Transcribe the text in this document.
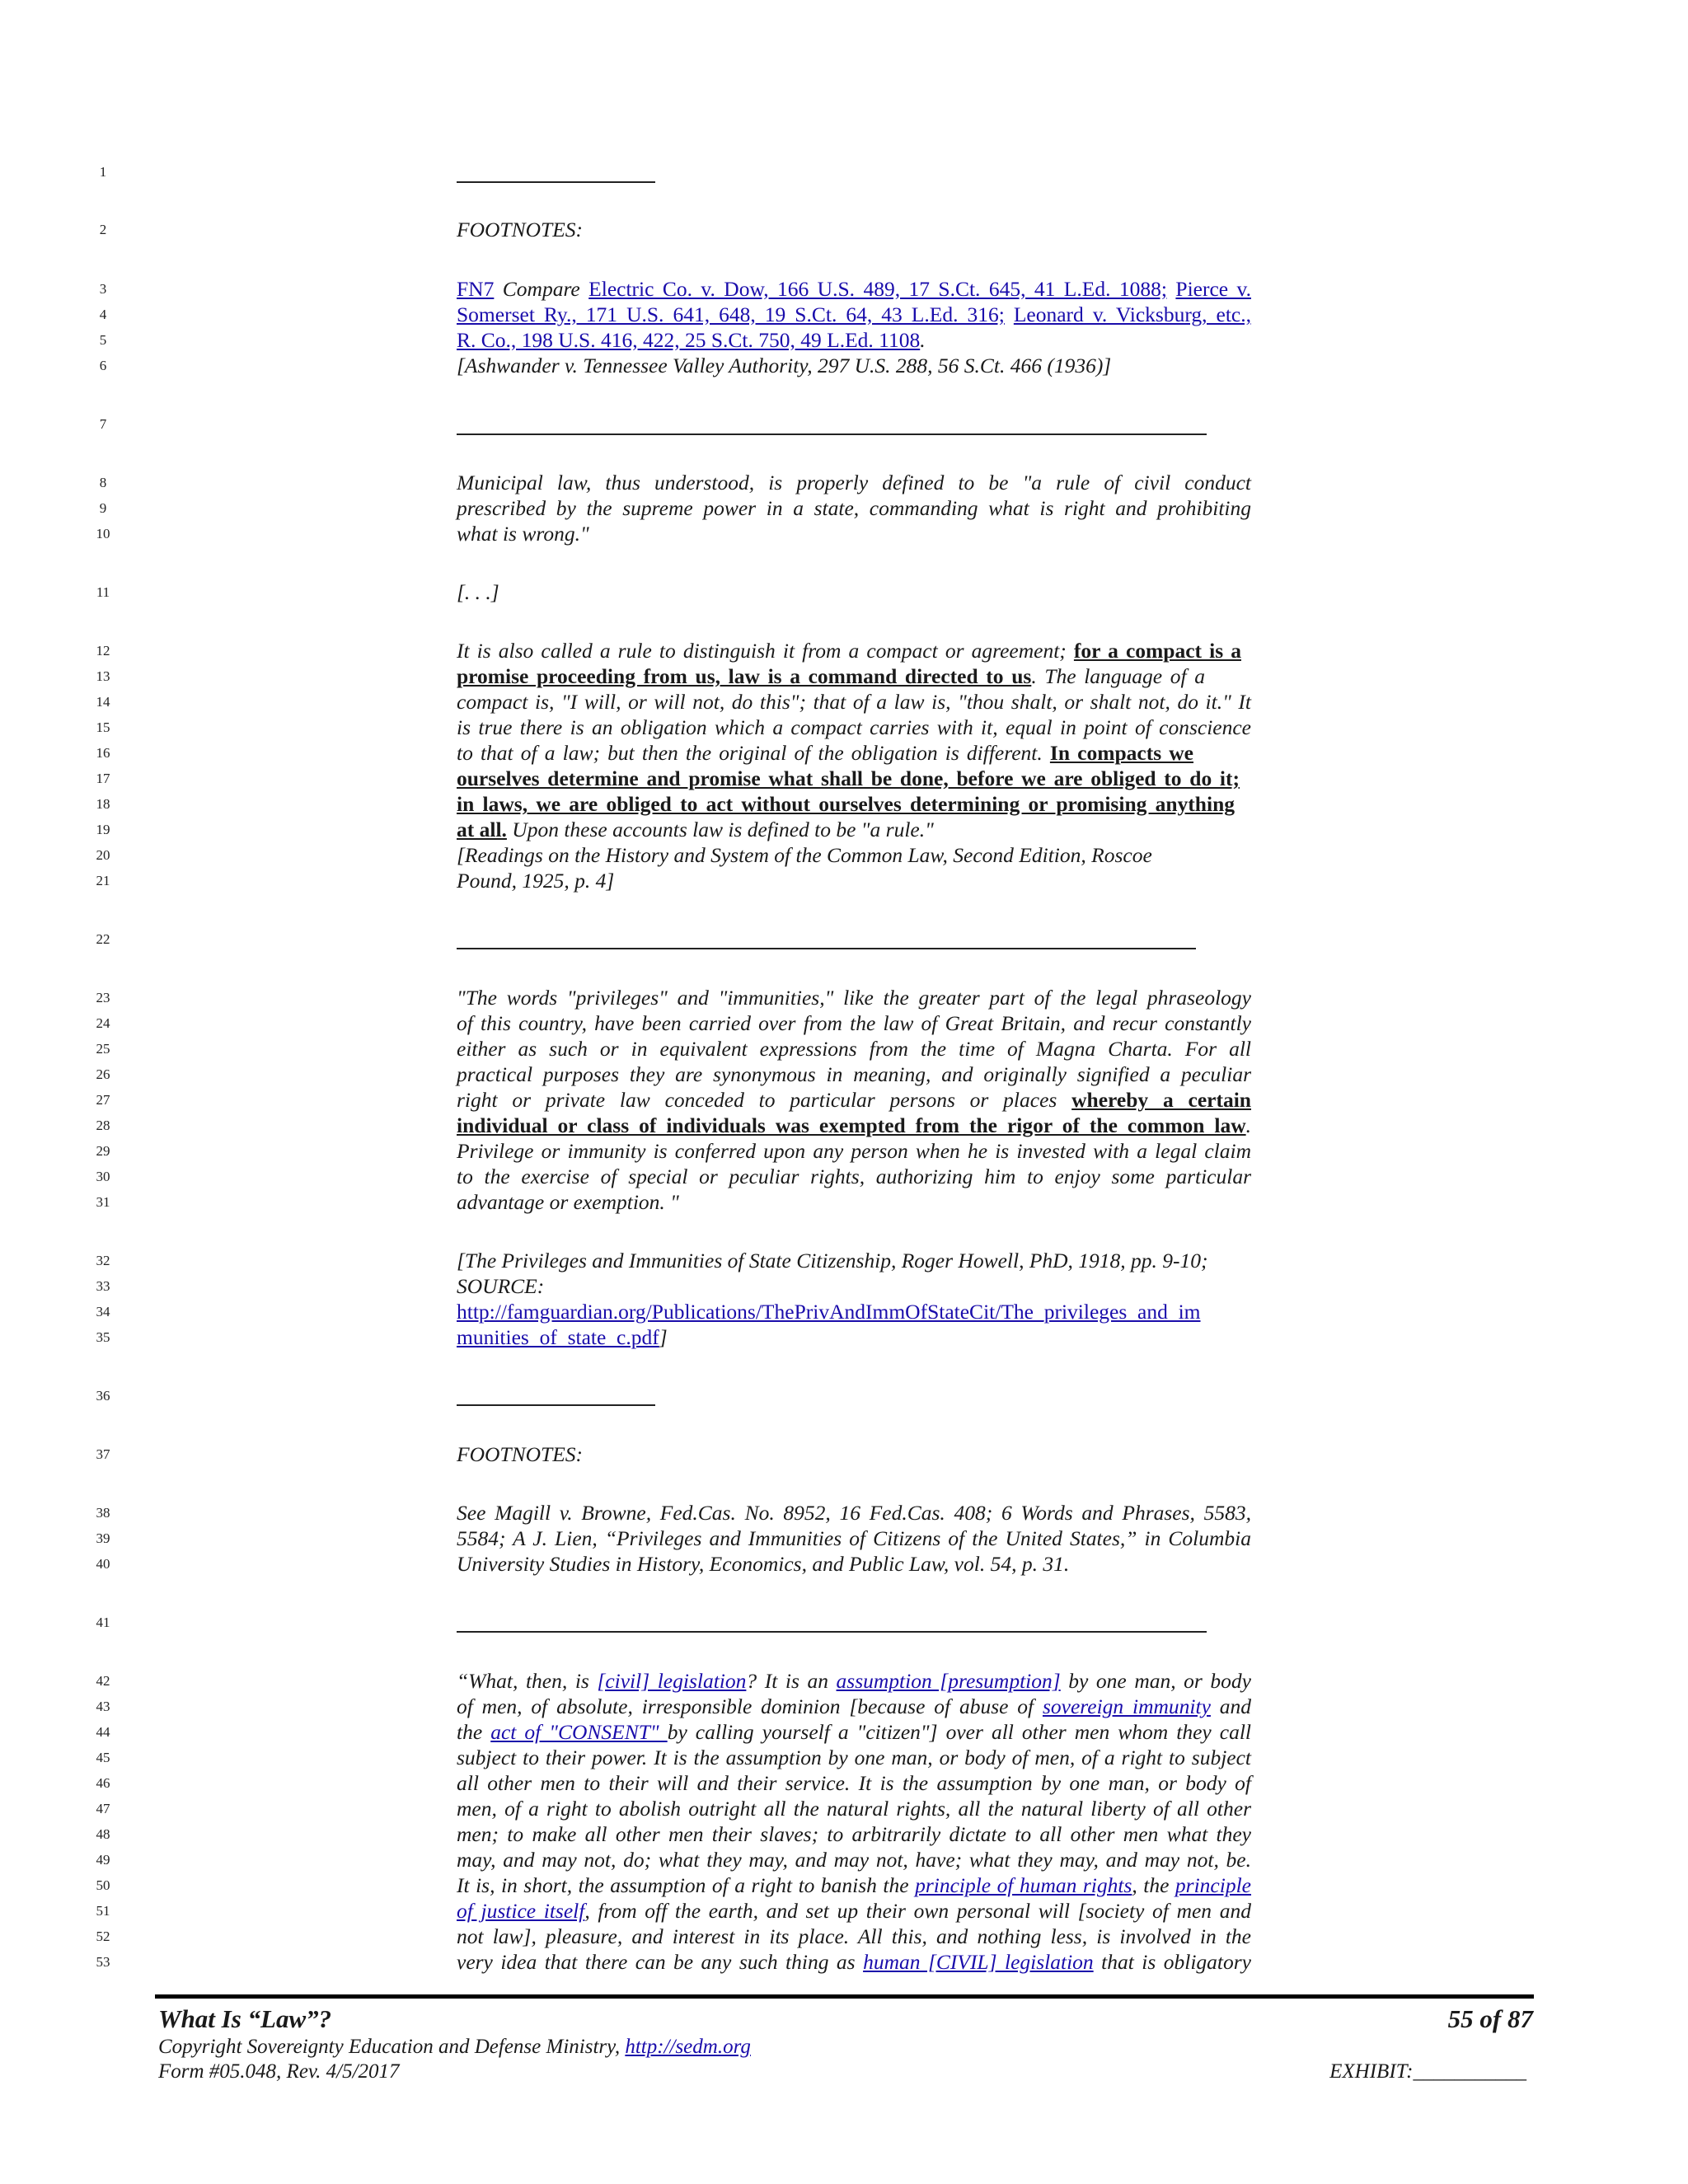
1
2
3
4
5
6
7
8
9
10
11
12
13
14
15
16
17
18
19
20
21
22
23
24
25
26
27
28
29
30
31
32
33
34
35
36
37
38
39
40
41
42
43
44
45
46
47
48
49
50
51
52
53
FOOTNOTES:
FN7 Compare Electric Co. v. Dow, 166 U.S. 489, 17 S.Ct. 645, 41 L.Ed. 1088; Pierce v.
Somerset Ry., 171 U.S. 641, 648, 19 S.Ct. 64, 43 L.Ed. 316; Leonard v. Vicksburg, etc.,
R. Co., 198 U.S. 416, 422, 25 S.Ct. 750, 49 L.Ed. 1108.
[Ashwander v. Tennessee Valley Authority, 297 U.S. 288, 56 S.Ct. 466 (1936)]
Municipal law, thus understood, is properly defined to be "a rule of civil conduct
prescribed by the supreme power in a state, commanding what is right and prohibiting
what is wrong."
[. . .]
It is also called a rule to distinguish it from a compact or agreement; for a compact is a
promise proceeding from us, law is a command directed to us. The language of a
compact is, "I will, or will not, do this"; that of a law is, "thou shalt, or shalt not, do it." It
is true there is an obligation which a compact carries with it, equal in point of conscience
to that of a law; but then the original of the obligation is different. In compacts we
ourselves determine and promise what shall be done, before we are obliged to do it;
in laws, we are obliged to act without ourselves determining or promising anything
at all. Upon these accounts law is defined to be "a rule."
[Readings on the History and System of the Common Law, Second Edition, Roscoe
Pound, 1925, p. 4]
"The words "privileges" and "immunities," like the greater part of the legal phraseology
of this country, have been carried over from the law of Great Britain, and recur constantly
either as such or in equivalent expressions from the time of Magna Charta. For all
practical purposes they are synonymous in meaning, and originally signified a peculiar
right or private law conceded to particular persons or places whereby a certain
individual or class of individuals was exempted from the rigor of the common law.
Privilege or immunity is conferred upon any person when he is invested with a legal claim
to the exercise of special or peculiar rights, authorizing him to enjoy some particular
advantage or exemption. "
[The Privileges and Immunities of State Citizenship, Roger Howell, PhD, 1918, pp. 9-10;
SOURCE:
http://famguardian.org/Publications/ThePrivAndImmOfStateCit/The_privileges_and_im
munities_of_state_c.pdf]
FOOTNOTES:
See Magill v. Browne, Fed.Cas. No. 8952, 16 Fed.Cas. 408; 6 Words and Phrases, 5583,
5584; A J. Lien, “Privileges and Immunities of Citizens of the United States,” in Columbia
University Studies in History, Economics, and Public Law, vol. 54, p. 31.
“What, then, is [civil] legislation? It is an assumption [presumption] by one man, or body
of men, of absolute, irresponsible dominion [because of abuse of sovereign immunity and
the act of "CONSENT" by calling yourself a "citizen"] over all other men whom they call
subject to their power. It is the assumption by one man, or body of men, of a right to subject
all other men to their will and their service. It is the assumption by one man, or body of
men, of a right to abolish outright all the natural rights, all the natural liberty of all other
men; to make all other men their slaves; to arbitrarily dictate to all other men what they
may, and may not, do; what they may, and may not, have; what they may, and may not, be.
It is, in short, the assumption of a right to banish the principle of human rights, the principle
of justice itself, from off the earth, and set up their own personal will [society of men and
not law], pleasure, and interest in its place. All this, and nothing less, is involved in the
very idea that there can be any such thing as human [CIVIL] legislation that is obligatory
What Is “Law”?	55 of 87
Copyright Sovereignty Education and Defense Ministry, http://sedm.org
Form #05.048, Rev. 4/5/2017	EXHIBIT:___________
